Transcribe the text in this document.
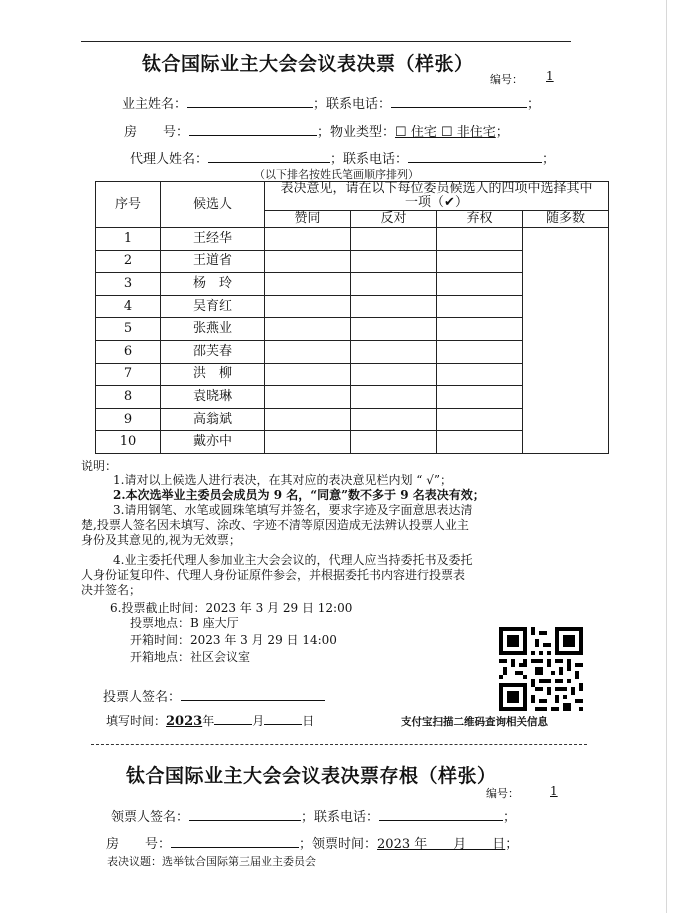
钛合国际业主大会会议表决票（样张）
编号： 1
业主姓名：	；联系电话：	；
房　　号：	；物业类型：☐ 住宅 ☐ 非住宅；
代理人姓名：	；联系电话：	；
（以下排名按姓氏笔画顺序排列）
序号	候选人	表决意见，请在以下每位委员候选人的四项中选择其中一项（✔）			
		赞同	反对	弃权	随多数
1	王经华				
2	王道省				
3	杨　玲				
4	吴育红				
5	张燕业				
6	邵芙春				
7	洪　柳				
8	袁晓琳				
9	高翁斌				
10	戴亦中				
说明：
1.请对以上候选人进行表决，在其对应的表决意见栏内划 “ √”；
2.本次选举业主委员会成员为 9 名，“同意”数不多于 9 名表决有效；
3.请用钢笔、水笔或圆珠笔填写并签名，要求字迹及字面意思表达清
楚,投票人签名因未填写、涂改、字迹不清等原因造成无法辨认投票人业主
身份及其意见的,视为无效票；
4.业主委托代理人参加业主大会会议的，代理人应当持委托书及委托
人身份证复印件、代理人身份证原件参会，并根据委托书内容进行投票表
决并签名；
6.投票截止时间：2023 年 3 月 29 日 12:00
投票地点：B 座大厅
开箱时间：2023 年 3 月 29 日 14:00
开箱地点：社区会议室
投票人签名：
填写时间：2023年	月	日	支付宝扫描二维码查询相关信息
钛合国际业主大会会议表决票存根（样张）
编号：	1
领票人签名：	；联系电话：	；
房　　号：	；领票时间：2023 年　　月　　日；
表决议题：选举钛合国际第三届业主委员会
